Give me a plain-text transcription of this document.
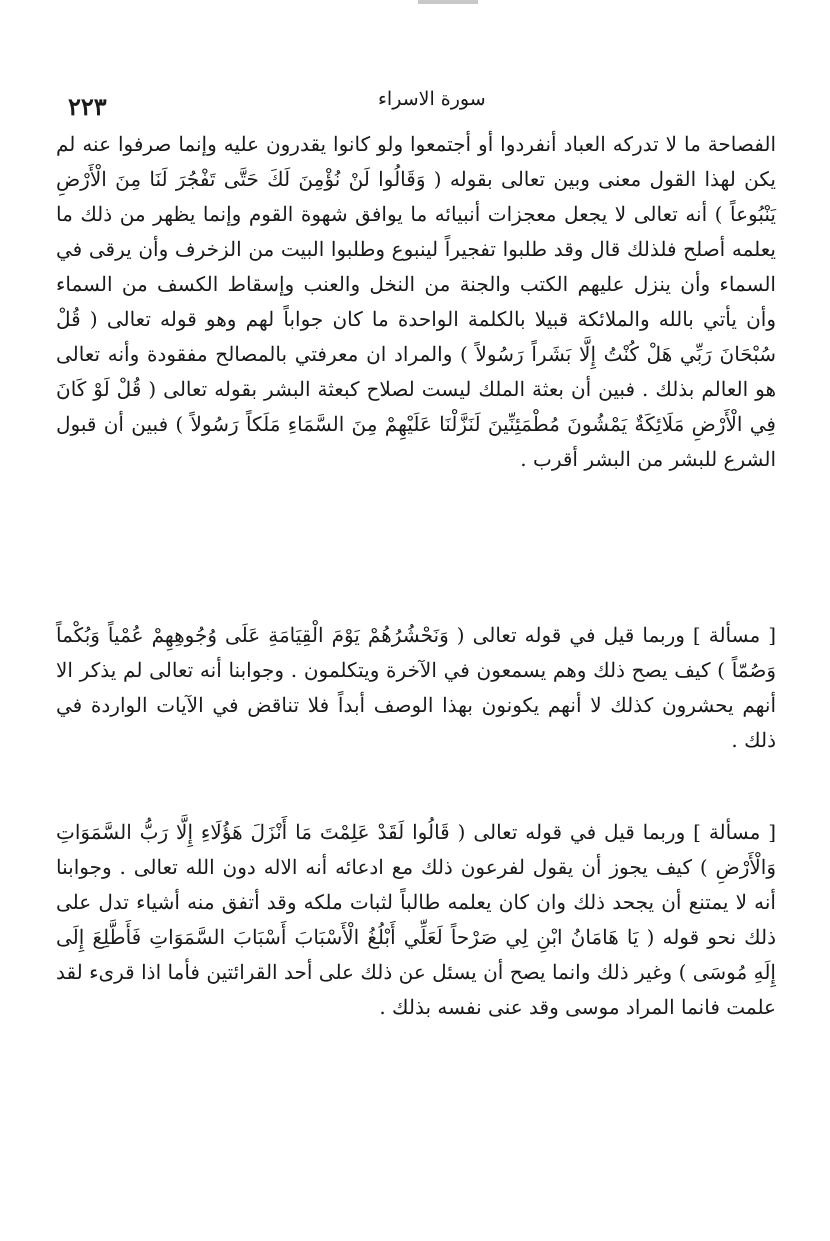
٢٢٣	سورة الاسراء

الفصاحة ما لا تدركه العباد أنفردوا أو أجتمعوا ولو كانوا يقدرون عليه وإنما صرفوا عنه لم يكن لهذا القول معنى وبين تعالى بقوله ( وَقَالُوا لَنْ نُؤْمِنَ لَكَ حَتَّى تَفْجُرَ لَنَا مِنَ الْأَرْضِ يَنْبُوعاً ) أنه تعالى لا يجعل معجزات أنبيائه ما يوافق شهوة القوم وإنما يظهر من ذلك ما يعلمه أصلح فلذلك قال وقد طلبوا تفجيراً لينبوع وطلبوا البيت من الزخرف وأن يرقى في السماء وأن ينزل عليهم الكتب والجنة من النخل والعنب وإسقاط الكسف من السماء وأن يأتي بالله والملائكة قبيلا بالكلمة الواحدة ما كان جواباً لهم وهو قوله تعالى ( قُلْ سُبْحَانَ رَبِّي هَلْ كُنْتُ إِلَّا بَشَراً رَسُولاً ) والمراد ان معرفتي بالمصالح مفقودة وأنه تعالى هو العالم بذلك . فبين أن بعثة الملك ليست لصلاح كبعثة البشر بقوله تعالى ( قُلْ لَوْ كَانَ فِي الْأَرْضِ مَلَائِكَةٌ يَمْشُونَ مُطْمَئِنِّينَ لَنَزَّلْنَا عَلَيْهِمْ مِنَ السَّمَاءِ مَلَكاً رَسُولاً ) فبين أن قبول الشرع للبشر من البشر أقرب .

[ مسألة ] وربما قيل في قوله تعالى ( وَنَحْشُرُهُمْ يَوْمَ الْقِيَامَةِ عَلَى وُجُوهِهِمْ عُمْياً وَبُكْماً وَصُمّاً ) كيف يصح ذلك وهم يسمعون في الآخرة ويتكلمون . وجوابنا أنه تعالى لم يذكر الا أنهم يحشرون كذلك لا أنهم يكونون بهذا الوصف أبداً فلا تناقض في الآيات الواردة في ذلك .

[ مسألة ] وربما قيل في قوله تعالى ( قَالُوا لَقَدْ عَلِمْتَ مَا أَنْزَلَ هَؤُلَاءِ إِلَّا رَبُّ السَّمَوَاتِ وَالْأَرْضِ ) كيف يجوز أن يقول لفرعون ذلك مع ادعائه أنه الاله دون الله تعالى . وجوابنا أنه لا يمتنع أن يجحد ذلك وان كان يعلمه طالباً لثبات ملكه وقد أتفق منه أشياء تدل على ذلك نحو قوله ( يَا هَامَانُ ابْنِ لِي صَرْحاً لَعَلِّي أَبْلُغُ الْأَسْبَابَ أَسْبَابَ السَّمَوَاتِ فَأَطَّلِعَ إِلَى إِلَهِ مُوسَى ) وغير ذلك وانما يصح أن يسئل عن ذلك على أحد القرائتين فأما اذا قرىء لقد علمت فانما المراد موسى وقد عنى نفسه بذلك .
